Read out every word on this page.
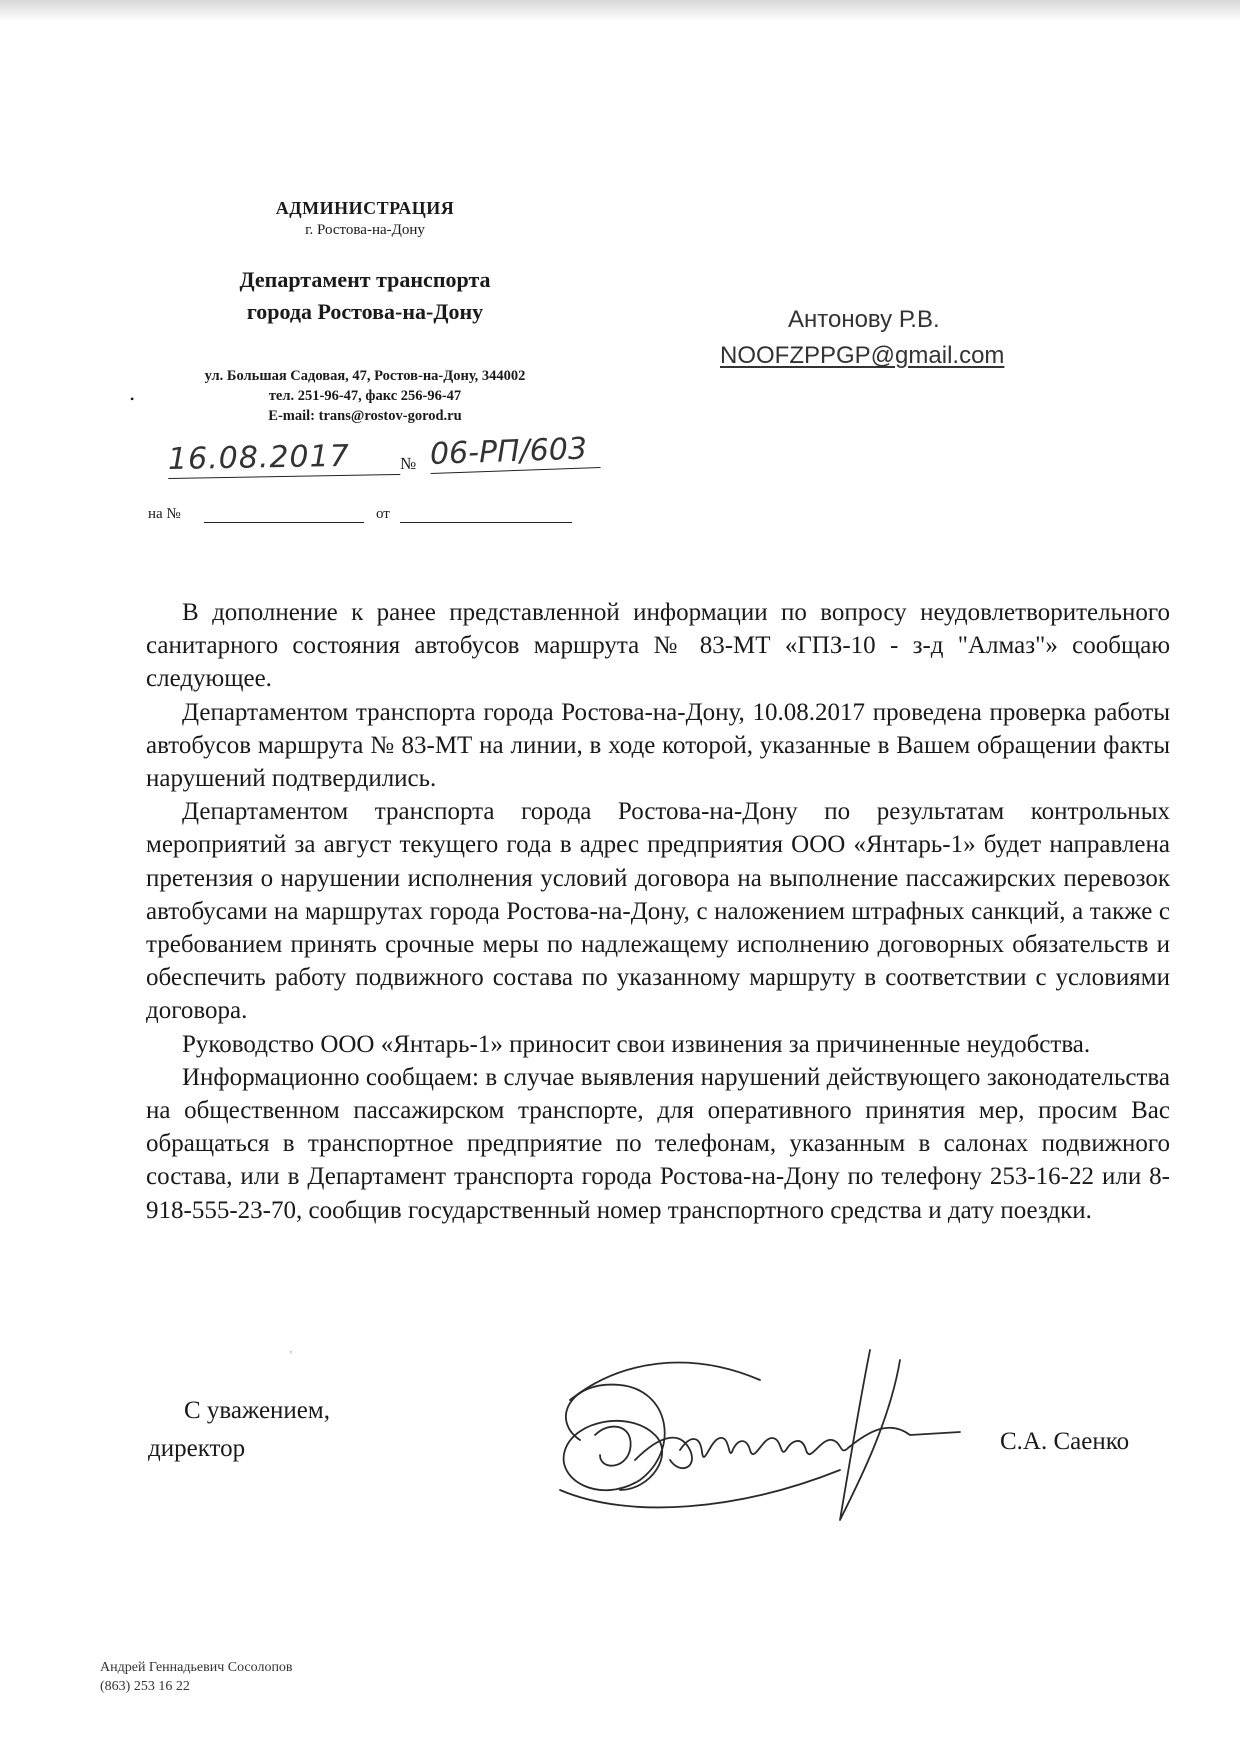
АДМИНИСТРАЦИЯ
г. Ростова-на-Дону
Департамент транспорта
города Ростова-на-Дону
ул. Большая Садовая, 47, Ростов-на-Дону, 344002
тел. 251-96-47, факс 256-96-47
E-mail: trans@rostov-gorod.ru
•
16.08.2017	№ 06-РП/603
на №	от
Антонову Р.В.
NOOFZPPGP@gmail.com

В дополнение к ранее представленной информации по вопросу неудовлетворительного санитарного состояния автобусов маршрута № 83-МТ «ГПЗ-10 - з-д "Алмаз"» сообщаю следующее.

Департаментом транспорта города Ростова-на-Дону, 10.08.2017 проведена проверка работы автобусов маршрута № 83-МТ на линии, в ходе которой, указанные в Вашем обращении факты нарушений подтвердились.

Департаментом транспорта города Ростова-на-Дону по результатам контрольных мероприятий за август текущего года в адрес предприятия ООО «Янтарь-1» будет направлена претензия о нарушении исполнения условий договора на выполнение пассажирских перевозок автобусами на маршрутах города Ростова-на-Дону, с наложением штрафных санкций, а также с требованием принять срочные меры по надлежащему исполнению договорных обязательств и обеспечить работу подвижного состава по указанному маршруту в соответствии с условиями договора.

Руководство ООО «Янтарь-1» приносит свои извинения за причиненные неудобства.

Информационно сообщаем: в случае выявления нарушений действующего законодательства на общественном пассажирском транспорте, для оперативного принятия мер, просим Вас обращаться в транспортное предприятие по телефонам, указанным в салонах подвижного состава, или в Департамент транспорта города Ростова-на-Дону по телефону 253-16-22 или 8-918-555-23-70, сообщив государственный номер транспортного средства и дату поездки.

'
С уважением,
директор	С.А. Саенко
Андрей Геннадьевич Сосолопов
(863) 253 16 22
